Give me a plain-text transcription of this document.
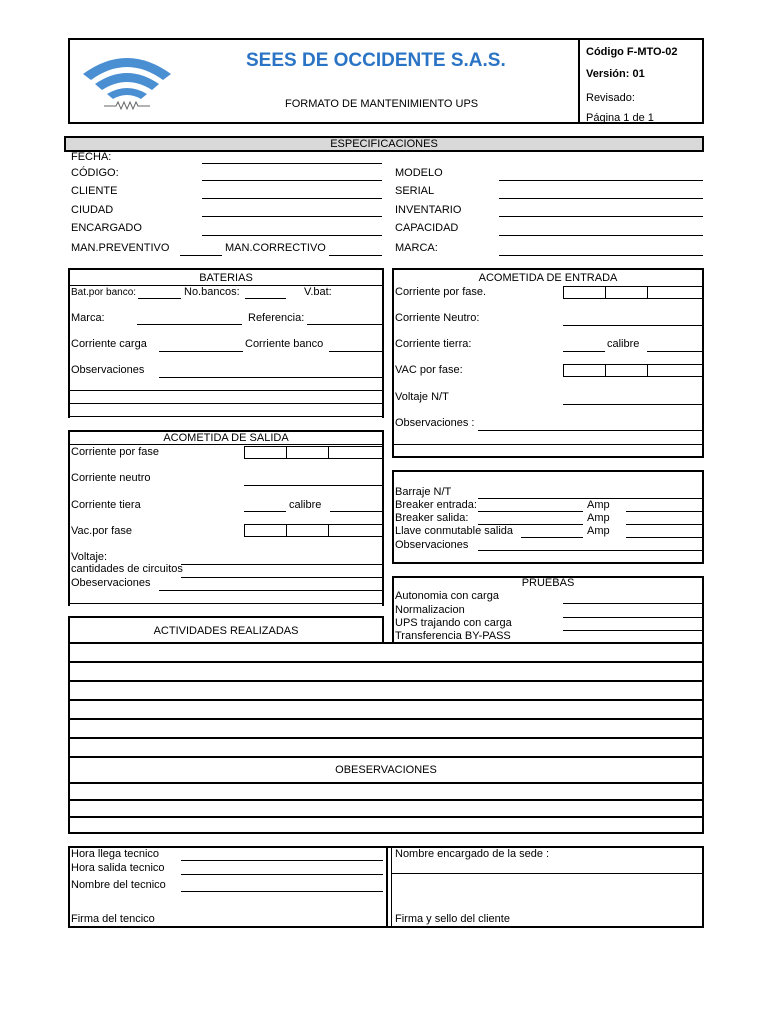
SEES DE OCCIDENTE S.A.S.
FORMATO DE MANTENIMIENTO UPS
Código F-MTO-02
Versión: 01
Revisado:
Página 1 de 1
ESPECIFICACIONES
FECHA:
CÓDIGO:
CLIENTE
CIUDAD
ENCARGADO
MAN.PREVENTIVO	MAN.CORRECTIVO
MODELO
SERIAL
INVENTARIO
CAPACIDAD
MARCA:
BATERIAS
Bat.por banco:	No.bancos:	V.bat:
Marca:	Referencia:
Corriente carga	Corriente banco
Observaciones
ACOMETIDA DE ENTRADA
Corriente por fase.
Corriente Neutro:
Corriente tierra:	calibre
VAC por fase:
Voltaje N/T
Observaciones :
ACOMETIDA DE SALIDA
Corriente por fase
Corriente neutro
Corriente tiera	calibre
Vac.por fase
Voltaje:
cantidades de circuitos
Obeservaciones
Barraje N/T
Breaker entrada:	Amp
Breaker salida:	Amp
Llave conmutable salida	Amp
Observaciones
PRUEBAS
Autonomia con carga
Normalizacion
UPS trajando con carga
Transferencia BY-PASS
ACTIVIDADES REALIZADAS
OBESERVACIONES
Hora llega tecnico
Hora salida tecnico
Nombre del tecnico
Firma del tencico
Nombre encargado de la sede :
Firma y sello del cliente
